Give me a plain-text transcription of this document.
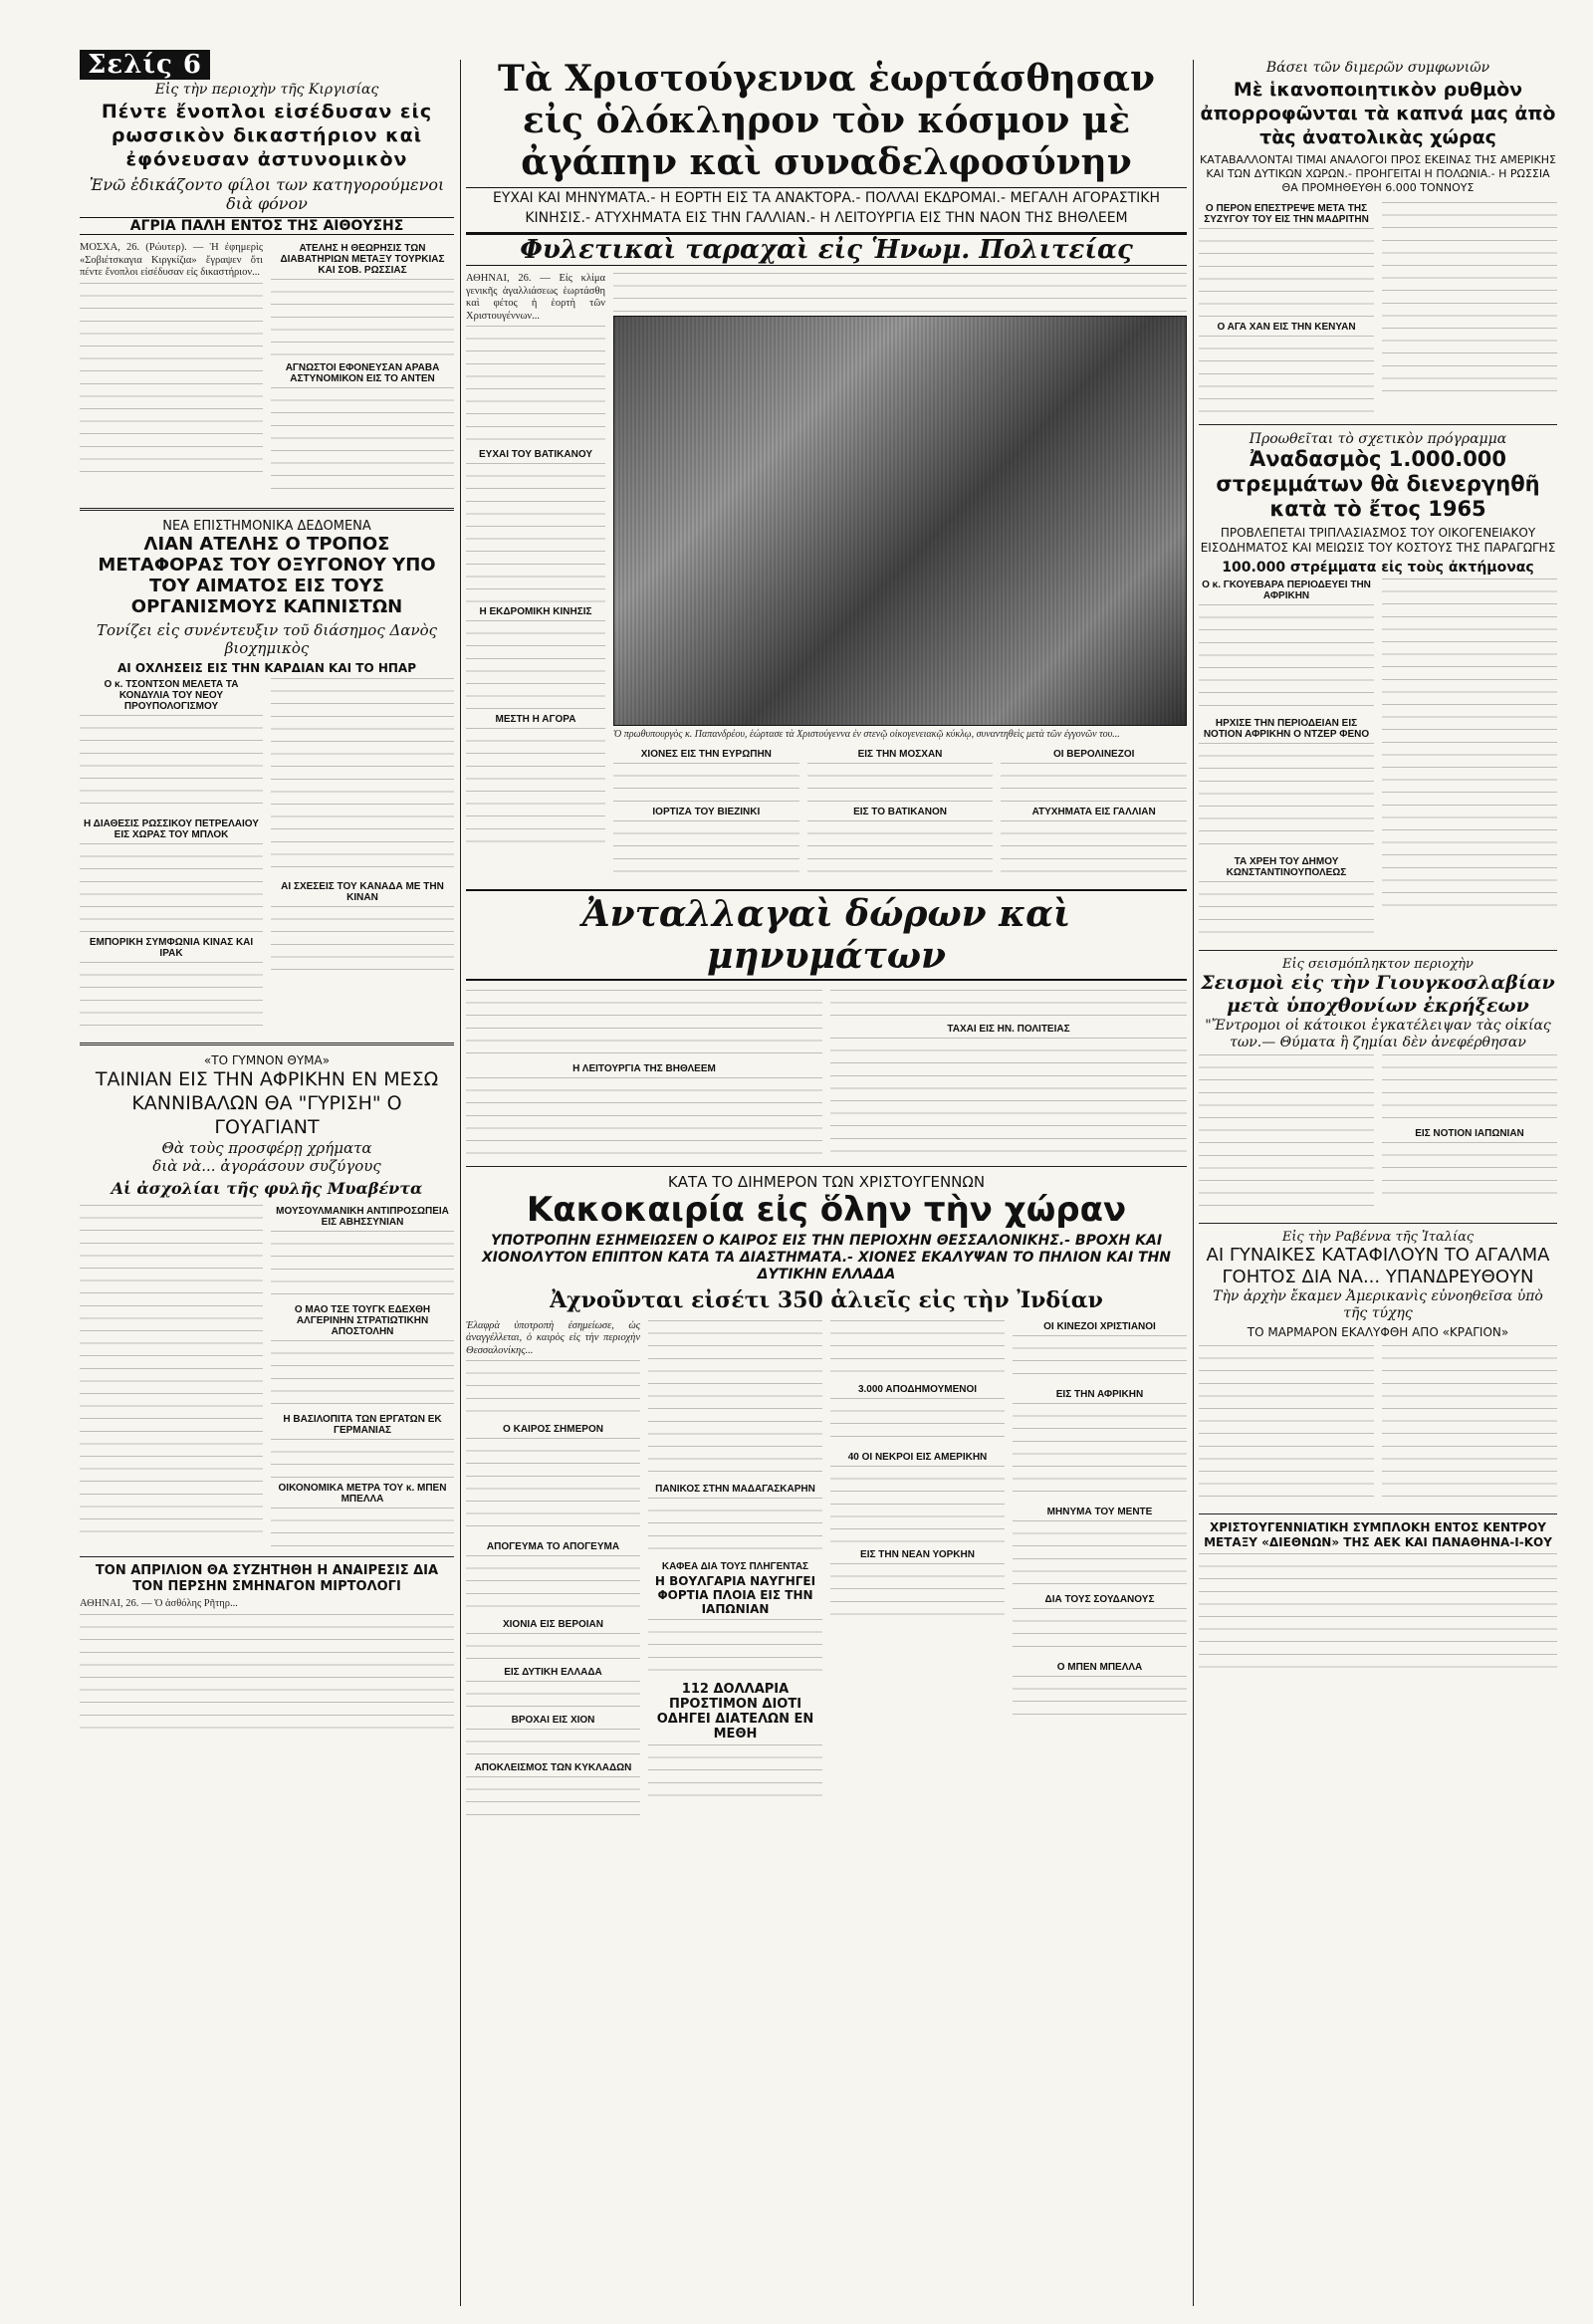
Σελίς 6
Εἰς τὴν περιοχὴν τῆς Κιργισίας
Πέντε ἔνοπλοι εἰσέδυσαν εἰς ρωσσικὸν δικαστήριον καὶ ἐφόνευσαν ἀστυνομικὸν
Ἐνῶ ἐδικάζοντο φίλοι των κατηγορούμενοι διὰ φόνον
ΑΓΡΙΑ ΠΑΛΗ ΕΝΤΟΣ ΤΗΣ ΑΙΘΟΥΣΗΣ

ΜΟΣΧΑ, 26. (Ρώυτερ). — Ἡ ἐφημερὶς «Σοβιέτσκαγια Κιργκίζια» ἔγραψεν ὅτι πέντε ἔνοπλοι εἰσέδυσαν εἰς δικαστήριον...

ΑΤΕΛΗΣ Η ΘΕΩΡΗΣΙΣ ΤΩΝ ΔΙΑΒΑΤΗΡΙΩΝ ΜΕΤΑΞΥ ΤΟΥΡΚΙΑΣ ΚΑΙ ΣΟΒ. ΡΩΣΣΙΑΣ
ΑΓΝΩΣΤΟΙ ΕΦΟΝΕΥΣΑΝ ΑΡΑΒΑ ΑΣΤΥΝΟΜΙΚΟΝ ΕΙΣ ΤΟ ΑΝΤΕΝ
ΝΕΑ ΕΠΙΣΤΗΜΟΝΙΚΑ ΔΕΔΟΜΕΝΑ
ΛΙΑΝ ΑΤΕΛΗΣ Ο ΤΡΟΠΟΣ ΜΕΤΑΦΟΡΑΣ ΤΟΥ ΟΞΥΓΟΝΟΥ ΥΠΟ ΤΟΥ ΑΙΜΑΤΟΣ ΕΙΣ ΤΟΥΣ ΟΡΓΑΝΙΣΜΟΥΣ ΚΑΠΝΙΣΤΩΝ
Τονίζει εἰς συνέντευξιν τοῦ διάσημος Δανὸς βιοχημικὸς
ΑΙ ΟΧΛΗΣΕΙΣ ΕΙΣ ΤΗΝ ΚΑΡΔΙΑΝ ΚΑΙ ΤΟ ΗΠΑΡ
Ο κ. ΤΣΟΝΤΣΟΝ ΜΕΛΕΤΑ ΤΑ ΚΟΝΔΥΛΙΑ ΤΟΥ ΝΕΟΥ ΠΡΟΥΠΟΛΟΓΙΣΜΟΥ
Η ΔΙΑΘΕΣΙΣ ΡΩΣΣΙΚΟΥ ΠΕΤΡΕΛΑΙΟΥ ΕΙΣ ΧΩΡΑΣ ΤΟΥ ΜΠΛΟΚ
ΕΜΠΟΡΙΚΗ ΣΥΜΦΩΝΙΑ ΚΙΝΑΣ ΚΑΙ ΙΡΑΚ
ΑΙ ΣΧΕΣΕΙΣ ΤΟΥ ΚΑΝΑΔΑ ΜΕ ΤΗΝ ΚΙΝΑΝ
«ΤΟ ΓΥΜΝΟΝ ΘΥΜΑ»
ΤΑΙΝΙΑΝ ΕΙΣ ΤΗΝ ΑΦΡΙΚΗΝ ΕΝ ΜΕΣΩ ΚΑΝΝΙΒΑΛΩΝ ΘΑ "ΓΥΡΙΣΗ" Ο ΓΟΥΑΓΙΑΝΤ
Θὰ τοὺς προσφέρῃ χρήματα
διὰ νὰ... ἀγοράσουν συζύγους
Αἱ ἀσχολίαι τῆς φυλῆς Μυαβέντα
ΜΟΥΣΟΥΛΜΑΝΙΚΗ ΑΝΤΙΠΡΟΣΩΠΕΙΑ ΕΙΣ ΑΒΗΣΣΥΝΙΑΝ
Ο ΜΑΟ ΤΣΕ ΤΟΥΓΚ ΕΔΕΧΘΗ ΑΛΓΕΡΙΝΗΝ ΣΤΡΑΤΙΩΤΙΚΗΝ ΑΠΟΣΤΟΛΗΝ
Η ΒΑΣΙΛΟΠΙΤΑ ΤΩΝ ΕΡΓΑΤΩΝ ΕΚ ΓΕΡΜΑΝΙΑΣ
ΟΙΚΟΝΟΜΙΚΑ ΜΕΤΡΑ ΤΟΥ κ. ΜΠΕΝ ΜΠΕΛΛΑ
ΤΟΝ ΑΠΡΙΛΙΟΝ ΘΑ ΣΥΖΗΤΗΘΗ Η ΑΝΑΙΡΕΣΙΣ ΔΙΑ ΤΟΝ ΠΕΡΣΗΝ ΣΜΗΝΑΓΟΝ ΜΙΡΤΟΛΟΓΙ

ΑΘΗΝΑΙ, 26. — Ὁ ἀσθόλης Ρῆτηρ...

Τὰ Χριστούγεννα ἑωρτάσθησαν εἰς ὁλόκληρον τὸν κόσμον μὲ ἀγάπην καὶ συναδελφοσύνην
ΕΥΧΑΙ ΚΑΙ ΜΗΝΥΜΑΤΑ.- Η ΕΟΡΤΗ ΕΙΣ ΤΑ ΑΝΑΚΤΟΡΑ.- ΠΟΛΛΑΙ ΕΚΔΡΟΜΑΙ.- ΜΕΓΑΛΗ ΑΓΟΡΑΣΤΙΚΗ ΚΙΝΗΣΙΣ.- ΑΤΥΧΗΜΑΤΑ ΕΙΣ ΤΗΝ ΓΑΛΛΙΑΝ.- Η ΛΕΙΤΟΥΡΓΙΑ ΕΙΣ ΤΗΝ ΝΑΟΝ ΤΗΣ ΒΗΘΛΕΕΜ
Φυλετικαὶ ταραχαὶ εἰς Ἡνωμ. Πολιτείας

ΑΘΗΝΑΙ, 26. — Εἰς κλίμα γενικῆς ἀγαλλιάσεως ἑωρτάσθη καὶ φέτος ἡ ἑορτὴ τῶν Χριστουγέννων...

ΕΥΧΑΙ ΤΟΥ ΒΑΤΙΚΑΝΟΥ
Η ΕΚΔΡΟΜΙΚΗ ΚΙΝΗΣΙΣ
ΜΕΣΤΗ Η ΑΓΟΡΑ

Ὁ πρωθυπουργὸς κ. Παπανδρέου, ἑώρτασε τὰ Χριστούγεννα ἐν στενῷ οἰκογενειακῷ κύκλῳ, συναντηθεὶς μετὰ τῶν ἐγγονῶν του...

ΧΙΟΝΕΣ ΕΙΣ ΤΗΝ ΕΥΡΩΠΗΝ
ΙΟΡΤΙΖΑ ΤΟΥ ΒΙΕΖΙΝΚΙ
ΕΙΣ ΤΗΝ ΜΟΣΧΑΝ
ΕΙΣ ΤΟ ΒΑΤΙΚΑΝΟΝ
ΟΙ ΒΕΡΟΛΙΝΕΖΟΙ
ΑΤΥΧΗΜΑΤΑ ΕΙΣ ΓΑΛΛΙΑΝ
Ἀνταλλαγαὶ δώρων καὶ μηνυμάτων
Η ΛΕΙΤΟΥΡΓΙΑ ΤΗΣ ΒΗΘΛΕΕΜ
ΤΑΧΑΙ ΕΙΣ ΗΝ. ΠΟΛΙΤΕΙΑΣ
ΚΑΤΑ ΤΟ ΔΙΗΜΕΡΟΝ ΤΩΝ ΧΡΙΣΤΟΥΓΕΝΝΩΝ
Κακοκαιρία εἰς ὅλην τὴν χώραν
ΥΠΟΤΡΟΠΗΝ ΕΣΗΜΕΙΩΣΕΝ Ο ΚΑΙΡΟΣ ΕΙΣ ΤΗΝ ΠΕΡΙΟΧΗΝ ΘΕΣΣΑΛΟΝΙΚΗΣ.- ΒΡΟΧΗ ΚΑΙ ΧΙΟΝΟΛΥΤΟΝ ΕΠΙΠΤΟΝ ΚΑΤΑ ΤΑ ΔΙΑΣΤΗΜΑΤΑ.- ΧΙΟΝΕΣ ΕΚΑΛΥΨΑΝ ΤΟ ΠΗΛΙΟΝ ΚΑΙ ΤΗΝ ΔΥΤΙΚΗΝ ΕΛΛΑΔΑ
Ἀχνοῦνται εἰσέτι 350 ἁλιεῖς εἰς τὴν Ἰνδίαν

Ἐλαφρὰ ὑποτροπὴ ἐσημείωσε, ὡς ἀναγγέλλεται, ὁ καιρὸς εἰς τὴν περιοχὴν Θεσσαλονίκης...

Ο ΚΑΙΡΟΣ ΣΗΜΕΡΟΝ
ΑΠΟΓΕΥΜΑ ΤΟ ΑΠΟΓΕΥΜΑ
ΧΙΟΝΙΑ ΕΙΣ ΒΕΡΟΙΑΝ
ΕΙΣ ΔΥΤΙΚΗ ΕΛΛΑΔΑ
ΒΡΟΧΑΙ ΕΙΣ ΧΙΟΝ
ΑΠΟΚΛΕΙΣΜΟΣ ΤΩΝ ΚΥΚΛΑΔΩΝ
ΠΑΝΙΚΟΣ ΣΤΗΝ ΜΑΔΑΓΑΣΚΑΡΗΝ
ΚΑΦΕΑ ΔΙΑ ΤΟΥΣ ΠΛΗΓΕΝΤΑΣ
Η ΒΟΥΛΓΑΡΙΑ ΝΑΥΓΗΓΕΙ ΦΟΡΤΙΑ ΠΛΟΙΑ ΕΙΣ ΤΗΝ ΙΑΠΩΝΙΑΝ
112 ΔΟΛΛΑΡΙΑ ΠΡΟΣΤΙΜΟΝ ΔΙΟΤΙ ΟΔΗΓΕΙ ΔΙΑΤΕΛΩΝ ΕΝ ΜΕΘΗ
3.000 ΑΠΟΔΗΜΟΥΜΕΝΟΙ
40 ΟΙ ΝΕΚΡΟΙ ΕΙΣ ΑΜΕΡΙΚΗΝ
ΕΙΣ ΤΗΝ ΝΕΑΝ ΥΟΡΚΗΝ
ΟΙ ΚΙΝΕΖΟΙ ΧΡΙΣΤΙΑΝΟΙ
ΕΙΣ ΤΗΝ ΑΦΡΙΚΗΝ
ΜΗΝΥΜΑ ΤΟΥ ΜΕΝΤΕ
ΔΙΑ ΤΟΥΣ ΣΟΥΔΑΝΟΥΣ
Ο ΜΠΕΝ ΜΠΕΛΛΑ
Βάσει τῶν διμερῶν συμφωνιῶν
Μὲ ἱκανοποιητικὸν ρυθμὸν ἀπορροφῶνται τὰ καπνά μας ἀπὸ τὰς ἀνατολικὰς χώρας
ΚΑΤΑΒΑΛΛΟΝΤΑΙ ΤΙΜΑΙ ΑΝΑΛΟΓΟΙ ΠΡΟΣ ΕΚΕΙΝΑΣ ΤΗΣ ΑΜΕΡΙΚΗΣ ΚΑΙ ΤΩΝ ΔΥΤΙΚΩΝ ΧΩΡΩΝ.- ΠΡΟΗΓΕΙΤΑΙ Η ΠΟΛΩΝΙΑ.- Η ΡΩΣΣΙΑ ΘΑ ΠΡΟΜΗΘΕΥΘΗ 6.000 ΤΟΝΝΟΥΣ
Ο ΠΕΡΟΝ ΕΠΕΣΤΡΕΨΕ ΜΕΤΑ ΤΗΣ ΣΥΖΥΓΟΥ ΤΟΥ ΕΙΣ ΤΗΝ ΜΑΔΡΙΤΗΝ
Ο ΑΓΑ ΧΑΝ ΕΙΣ ΤΗΝ ΚΕΝΥΑΝ
Προωθεῖται τὸ σχετικὸν πρόγραμμα
Ἀναδασμὸς 1.000.000 στρεμμάτων θὰ διενεργηθῆ κατὰ τὸ ἔτος 1965
ΠΡΟΒΛΕΠΕΤΑΙ ΤΡΙΠΛΑΣΙΑΣΜΟΣ ΤΟΥ ΟΙΚΟΓΕΝΕΙΑΚΟΥ ΕΙΣΟΔΗΜΑΤΟΣ ΚΑΙ ΜΕΙΩΣΙΣ ΤΟΥ ΚΟΣΤΟΥΣ ΤΗΣ ΠΑΡΑΓΩΓΗΣ
100.000 στρέμματα εἰς τοὺς ἀκτήμονας
Ο κ. ΓΚΟΥΕΒΑΡΑ ΠΕΡΙΟΔΕΥΕΙ ΤΗΝ ΑΦΡΙΚΗΝ
ΗΡΧΙΣΕ ΤΗΝ ΠΕΡΙΟΔΕΙΑΝ ΕΙΣ ΝΟΤΙΟΝ ΑΦΡΙΚΗΝ Ο ΝΤΖΕΡ ΦΕΝΟ
ΤΑ ΧΡΕΗ ΤΟΥ ΔΗΜΟΥ ΚΩΝΣΤΑΝΤΙΝΟΥΠΟΛΕΩΣ
Εἰς σεισμόπληκτον περιοχὴν
Σεισμοὶ εἰς τὴν Γιουγκοσλαβίαν μετὰ ὑποχθονίων ἐκρήξεων
"Ἔντρομοι οἱ κάτοικοι ἐγκατέλειψαν τὰς οἰκίας των.— Θύματα ἢ ζημίαι δὲν ἀνεφέρθησαν
ΕΙΣ ΝΟΤΙΟΝ ΙΑΠΩΝΙΑΝ
Εἰς τὴν Ραβέννα τῆς Ἰταλίας
ΑΙ ΓΥΝΑΙΚΕΣ ΚΑΤΑΦΙΛΟΥΝ ΤΟ ΑΓΑΛΜΑ ΓΟΗΤΟΣ ΔΙΑ ΝΑ... ΥΠΑΝΔΡΕΥΘΟΥΝ
Τὴν ἀρχὴν ἔκαμεν Ἀμερικανὶς εὐνοηθεῖσα ὑπὸ τῆς τύχης
ΤΟ ΜΑΡΜΑΡΟΝ ΕΚΑΛΥΦΘΗ ΑΠΟ «ΚΡΑΓΙΟΝ»
ΧΡΙΣΤΟΥΓΕΝΝΙΑΤΙΚΗ ΣΥΜΠΛΟΚΗ ΕΝΤΟΣ ΚΕΝΤΡΟΥ ΜΕΤΑΞΥ «ΔΙΕΘΝΩΝ» ΤΗΣ ΑΕΚ ΚΑΙ ΠΑΝΑΘΗΝΑ-Ι-ΚΟΥ
